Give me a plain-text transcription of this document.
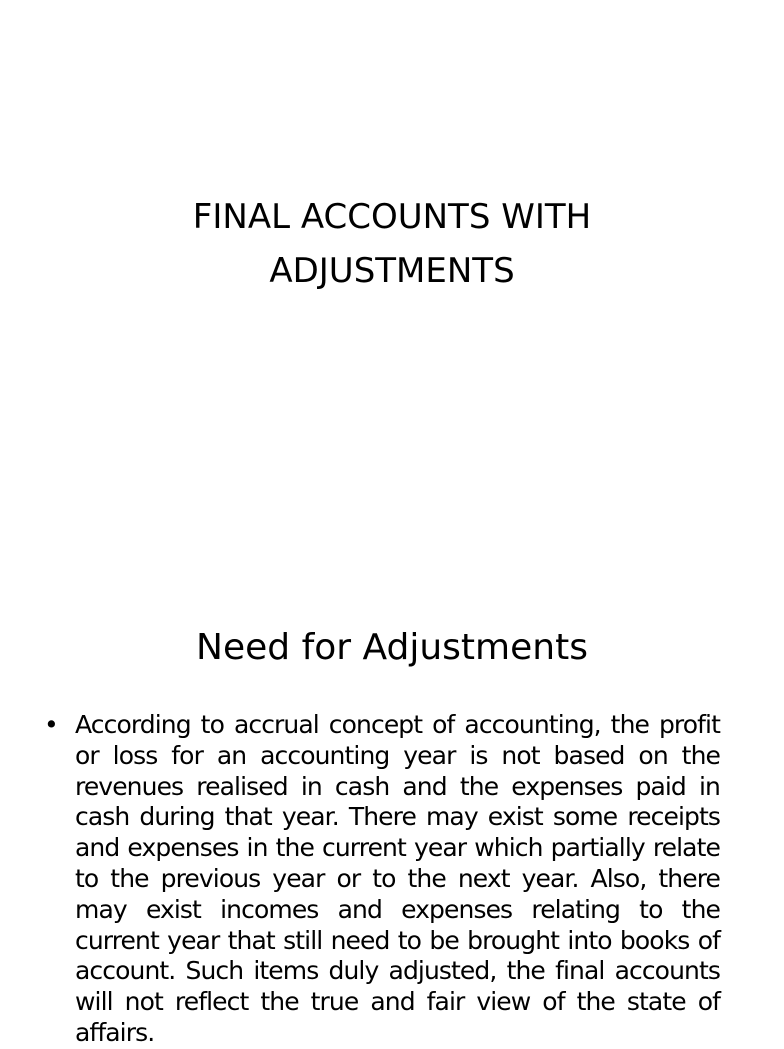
FINAL ACCOUNTS WITH
ADJUSTMENTS
Need for Adjustments
• According to accrual concept of accounting, the profit or loss for an accounting year is not based on the revenues realised in cash and the expenses paid in cash during that year. There may exist some receipts and expenses in the current year which partially relate to the previous year or to the next year. Also, there may exist incomes and expenses relating to the current year that still need to be brought into books of account. Such items duly adjusted, the final accounts will not reflect the true and fair view of the state of affairs.
